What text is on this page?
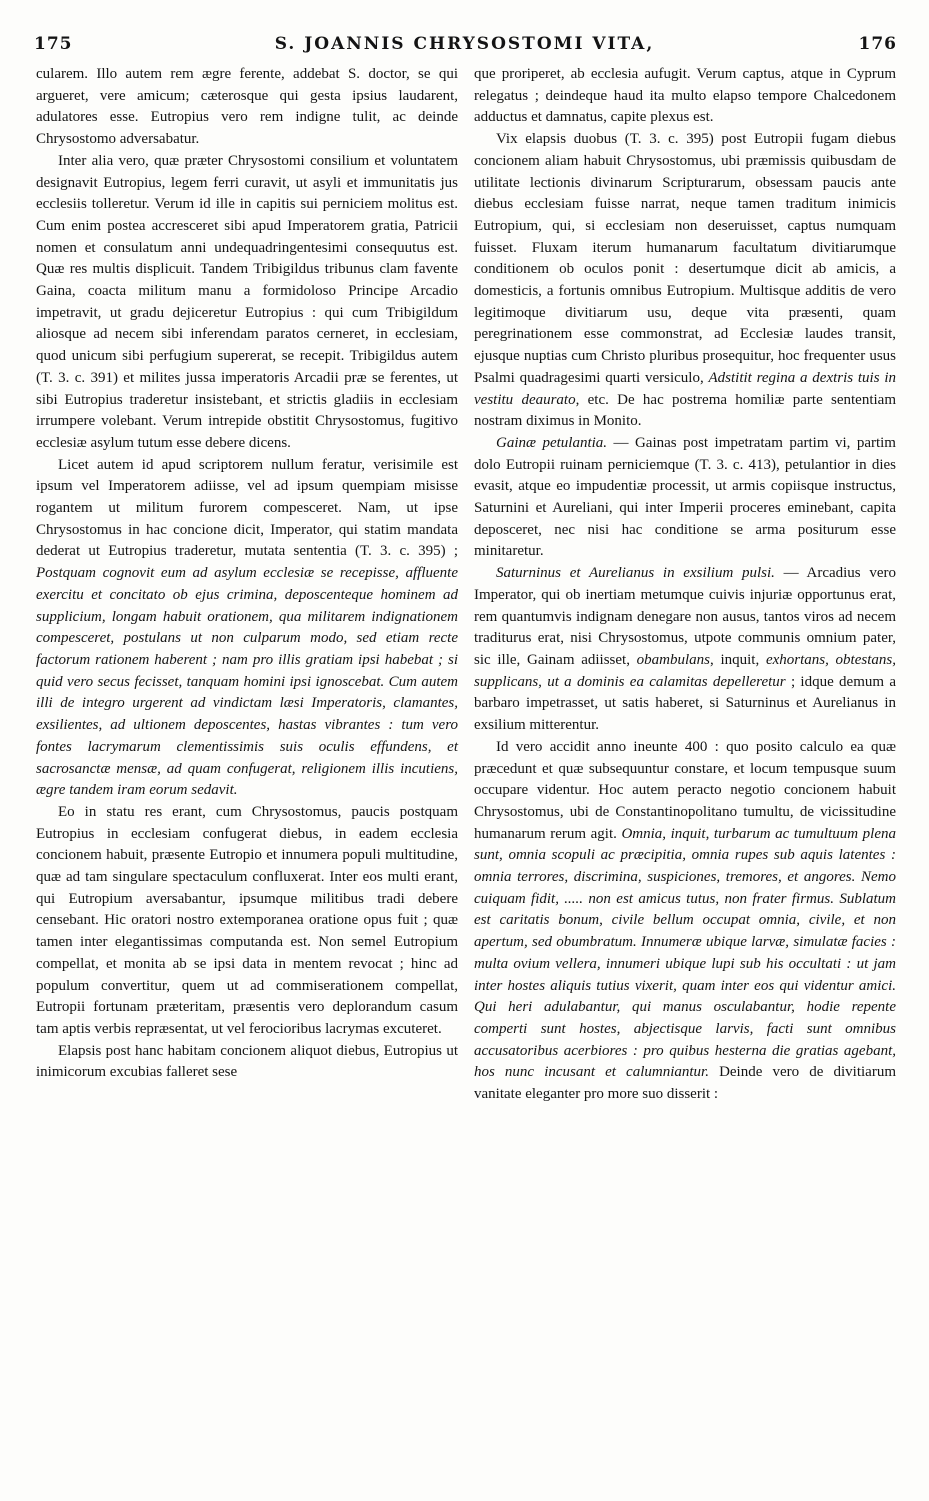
175	S. JOANNIS CHRYSOSTOMI VITA,	176

cularem. Illo autem rem ægre ferente, addebat S. doctor, se qui argueret, vere amicum; cæterosque qui gesta ipsius laudarent, adulatores esse. Eutropius vero rem indigne tulit, ac deinde Chrysostomo adversabatur.

Inter alia vero, quæ præter Chrysostomi consilium et voluntatem designavit Eutropius, legem ferri curavit, ut asyli et immunitatis jus ecclesiis tolleretur. Verum id ille in capitis sui perniciem molitus est. Cum enim postea accresceret sibi apud Imperatorem gratia, Patricii nomen et consulatum anni undequadringentesimi consequutus est. Quæ res multis displicuit. Tandem Tribigildus tribunus clam favente Gaina, coacta militum manu a formidoloso Principe Arcadio impetravit, ut gradu dejiceretur Eutropius : qui cum Tribigildum aliosque ad necem sibi inferendam paratos cerneret, in ecclesiam, quod unicum sibi perfugium supererat, se recepit. Tribigildus autem (T. 3. c. 391) et milites jussa imperatoris Arcadii præ se ferentes, ut sibi Eutropius traderetur insistebant, et strictis gladiis in ecclesiam irrumpere volebant. Verum intrepide obstitit Chrysostomus, fugitivo ecclesiæ asylum tutum esse debere dicens.

Licet autem id apud scriptorem nullum feratur, verisimile est ipsum vel Imperatorem adiisse, vel ad ipsum quempiam misisse rogantem ut militum furorem compesceret. Nam, ut ipse Chrysostomus in hac concione dicit, Imperator, qui statim mandata dederat ut Eutropius traderetur, mutata sententia (T. 3. c. 395) ; Postquam cognovit eum ad asylum ecclesiæ se recepisse, affluente exercitu et concitato ob ejus crimina, deposcenteque hominem ad supplicium, longam habuit orationem, qua militarem indignationem compesceret, postulans ut non culparum modo, sed etiam recte factorum rationem haberent ; nam pro illis gratiam ipsi habebat ; si quid vero secus fecisset, tanquam homini ipsi ignoscebat. Cum autem illi de integro urgerent ad vindictam læsi Imperatoris, clamantes, exsilientes, ad ultionem deposcentes, hastas vibrantes : tum vero fontes lacrymarum clementissimis suis oculis effundens, et sacrosanctæ mensæ, ad quam confugerat, religionem illis incutiens, ægre tandem iram eorum sedavit.

Eo in statu res erant, cum Chrysostomus, paucis postquam Eutropius in ecclesiam confugerat diebus, in eadem ecclesia concionem habuit, præsente Eutropio et innumera populi multitudine, quæ ad tam singulare spectaculum confluxerat. Inter eos multi erant, qui Eutropium aversabantur, ipsumque militibus tradi debere censebant. Hic oratori nostro extemporanea oratione opus fuit ; quæ tamen inter elegantissimas computanda est. Non semel Eutropium compellat, et monita ab se ipsi data in mentem revocat ; hinc ad populum convertitur, quem ut ad commiserationem compellat, Eutropii fortunam præteritam, præsentis vero deplorandum casum tam aptis verbis repræsentat, ut vel ferocioribus lacrymas excuteret.

Elapsis post hanc habitam concionem aliquot diebus, Eutropius ut inimicorum excubias falleret sese

que proriperet, ab ecclesia aufugit. Verum captus, atque in Cyprum relegatus ; deindeque haud ita multo elapso tempore Chalcedonem adductus et damnatus, capite plexus est.

Vix elapsis duobus (T. 3. c. 395) post Eutropii fugam diebus concionem aliam habuit Chrysostomus, ubi præmissis quibusdam de utilitate lectionis divinarum Scripturarum, obsessam paucis ante diebus ecclesiam fuisse narrat, neque tamen traditum inimicis Eutropium, qui, si ecclesiam non deseruisset, captus numquam fuisset. Fluxam iterum humanarum facultatum divitiarumque conditionem ob oculos ponit : desertumque dicit ab amicis, a domesticis, a fortunis omnibus Eutropium. Multisque additis de vero legitimoque divitiarum usu, deque vita præsenti, quam peregrinationem esse commonstrat, ad Ecclesiæ laudes transit, ejusque nuptias cum Christo pluribus prosequitur, hoc frequenter usus Psalmi quadragesimi quarti versiculo, Adstitit regina a dextris tuis in vestitu deaurato, etc. De hac postrema homiliæ parte sententiam nostram diximus in Monito.

Gainæ petulantia. — Gainas post impetratam partim vi, partim dolo Eutropii ruinam perniciemque (T. 3. c. 413), petulantior in dies evasit, atque eo impudentiæ processit, ut armis copiisque instructus, Saturnini et Aureliani, qui inter Imperii proceres eminebant, capita deposceret, nec nisi hac conditione se arma positurum esse minitaretur.

Saturninus et Aurelianus in exsilium pulsi. — Arcadius vero Imperator, qui ob inertiam metumque cuivis injuriæ opportunus erat, rem quantumvis indignam denegare non ausus, tantos viros ad necem traditurus erat, nisi Chrysostomus, utpote communis omnium pater, sic ille, Gainam adiisset, obambulans, inquit, exhortans, obtestans, supplicans, ut a dominis ea calamitas depelleretur ; idque demum a barbaro impetrasset, ut satis haberet, si Saturninus et Aurelianus in exsilium mitterentur.

Id vero accidit anno ineunte 400 : quo posito calculo ea quæ præcedunt et quæ subsequuntur constare, et locum tempusque suum occupare videntur. Hoc autem peracto negotio concionem habuit Chrysostomus, ubi de Constantinopolitano tumultu, de vicissitudine humanarum rerum agit. Omnia, inquit, turbarum ac tumultuum plena sunt, omnia scopuli ac præcipitia, omnia rupes sub aquis latentes : omnia terrores, discrimina, suspiciones, tremores, et angores. Nemo cuiquam fidit, ..... non est amicus tutus, non frater firmus. Sublatum est caritatis bonum, civile bellum occupat omnia, civile, et non apertum, sed obumbratum. Innumeræ ubique larvæ, simulatæ facies : multa ovium vellera, innumeri ubique lupi sub his occultati : ut jam inter hostes aliquis tutius vixerit, quam inter eos qui videntur amici. Qui heri adulabantur, qui manus osculabantur, hodie repente comperti sunt hostes, abjectisque larvis, facti sunt omnibus accusatoribus acerbiores : pro quibus hesterna die gratias agebant, hos nunc incusant et calumniantur. Deinde vero de divitiarum vanitate eleganter pro more suo disserit :
